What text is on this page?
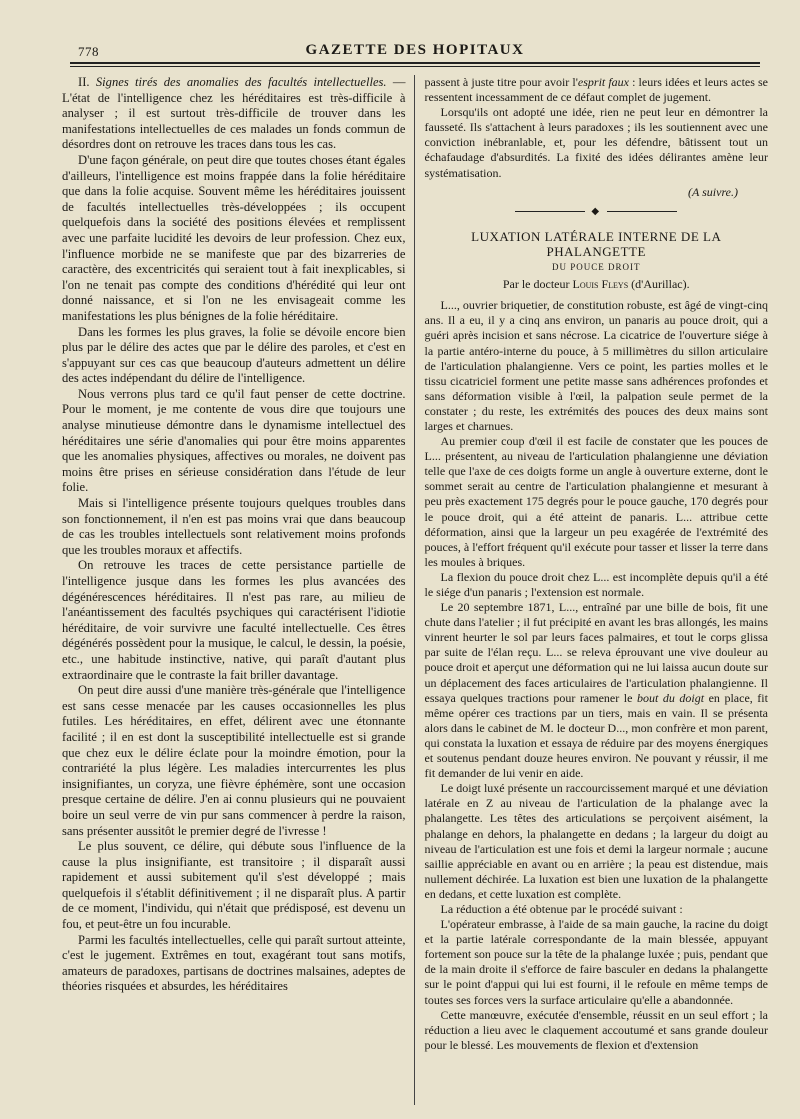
778	GAZETTE DES HOPITAUX

II. Signes tirés des anomalies des facultés intellectuelles. — L'état de l'intelligence chez les héréditaires est très-difficile à analyser ; il est surtout très-difficile de trouver dans les manifestations intellectuelles de ces malades un fonds commun de désordres dont on retrouve les traces dans tous les cas.

D'une façon générale, on peut dire que toutes choses étant égales d'ailleurs, l'intelligence est moins frappée dans la folie héréditaire que dans la folie acquise. Souvent même les héréditaires jouissent de facultés intellectuelles très-développées ; ils occupent quelquefois dans la société des positions élevées et remplissent avec une parfaite lucidité les devoirs de leur profession. Chez eux, l'influence morbide ne se manifeste que par des bizarreries de caractère, des excentricités qui seraient tout à fait inexplicables, si l'on ne tenait pas compte des conditions d'hérédité qui leur ont donné naissance, et si l'on ne les envisageait comme les manifestations les plus bénignes de la folie héréditaire.

Dans les formes les plus graves, la folie se dévoile encore bien plus par le délire des actes que par le délire des paroles, et c'est en s'appuyant sur ces cas que beaucoup d'auteurs admettent un délire des actes indépendant du délire de l'intelligence.

Nous verrons plus tard ce qu'il faut penser de cette doctrine. Pour le moment, je me contente de vous dire que toujours une analyse minutieuse démontre dans le dynamisme intellectuel des héréditaires une série d'anomalies qui pour être moins apparentes que les anomalies physiques, affectives ou morales, ne doivent pas moins être prises en sérieuse considération dans l'étude de leur folie.

Mais si l'intelligence présente toujours quelques troubles dans son fonctionnement, il n'en est pas moins vrai que dans beaucoup de cas les troubles intellectuels sont relativement moins profonds que les troubles moraux et affectifs.

On retrouve les traces de cette persistance partielle de l'intelligence jusque dans les formes les plus avancées des dégénérescences héréditaires. Il n'est pas rare, au milieu de l'anéantissement des facultés psychiques qui caractérisent l'idiotie héréditaire, de voir survivre une faculté intellectuelle. Ces êtres dégénérés possèdent pour la musique, le calcul, le dessin, la poésie, etc., une habitude instinctive, native, qui paraît d'autant plus extraordinaire que le contraste la fait briller davantage.

On peut dire aussi d'une manière très-générale que l'intelligence est sans cesse menacée par les causes occasionnelles les plus futiles. Les héréditaires, en effet, délirent avec une étonnante facilité ; il en est dont la susceptibilité intellectuelle est si grande que chez eux le délire éclate pour la moindre émotion, pour la contrariété la plus légère. Les maladies intercurrentes les plus insignifiantes, un coryza, une fièvre éphémère, sont une occasion presque certaine de délire. J'en ai connu plusieurs qui ne pouvaient boire un seul verre de vin pur sans commencer à perdre la raison, sans présenter aussitôt le premier degré de l'ivresse !

Le plus souvent, ce délire, qui débute sous l'influence de la cause la plus insignifiante, est transitoire ; il disparaît aussi rapidement et aussi subitement qu'il s'est développé ; mais quelquefois il s'établit définitivement ; il ne disparaît plus. A partir de ce moment, l'individu, qui n'était que prédisposé, est devenu un fou, et peut-être un fou incurable.

Parmi les facultés intellectuelles, celle qui paraît surtout atteinte, c'est le jugement. Extrêmes en tout, exagérant tout sans motifs, amateurs de paradoxes, partisans de doctrines malsaines, adeptes de théories risquées et absurdes, les héréditaires

passent à juste titre pour avoir l'esprit faux : leurs idées et leurs actes se ressentent incessamment de ce défaut complet de jugement.

Lorsqu'ils ont adopté une idée, rien ne peut leur en démontrer la fausseté. Ils s'attachent à leurs paradoxes ; ils les soutiennent avec une conviction inébranlable, et, pour les défendre, bâtissent tout un échafaudage d'absurdités. La fixité des idées délirantes amène leur systématisation.

(A suivre.)
◆
LUXATION LATÉRALE INTERNE DE LA PHALANGETTE
DU POUCE DROIT
Par le docteur Louis Fleys (d'Aurillac).

L..., ouvrier briquetier, de constitution robuste, est âgé de vingt-cinq ans. Il a eu, il y a cinq ans environ, un panaris au pouce droit, qui a guéri après incision et sans nécrose. La cicatrice de l'ouverture siége à la partie antéro-interne du pouce, à 5 millimètres du sillon articulaire de l'articulation phalangienne. Vers ce point, les parties molles et le tissu cicatriciel forment une petite masse sans adhérences profondes et sans déformation visible à l'œil, la palpation seule permet de la constater ; du reste, les extrémités des pouces des deux mains sont larges et charnues.

Au premier coup d'œil il est facile de constater que les pouces de L... présentent, au niveau de l'articulation phalangienne une déviation telle que l'axe de ces doigts forme un angle à ouverture externe, dont le sommet serait au centre de l'articulation phalangienne et mesurant à peu près exactement 175 degrés pour le pouce gauche, 170 degrés pour le pouce droit, qui a été atteint de panaris. L... attribue cette déformation, ainsi que la largeur un peu exagérée de l'extrémité des pouces, à l'effort fréquent qu'il exécute pour tasser et lisser la terre dans les moules à briques.

La flexion du pouce droit chez L... est incomplète depuis qu'il a été le siége d'un panaris ; l'extension est normale.

Le 20 septembre 1871, L..., entraîné par une bille de bois, fit une chute dans l'atelier ; il fut précipité en avant les bras allongés, les mains vinrent heurter le sol par leurs faces palmaires, et tout le corps glissa par suite de l'élan reçu. L... se releva éprouvant une vive douleur au pouce droit et aperçut une déformation qui ne lui laissa aucun doute sur un déplacement des faces articulaires de l'articulation phalangienne. Il essaya quelques tractions pour ramener le bout du doigt en place, fit même opérer ces tractions par un tiers, mais en vain. Il se présenta alors dans le cabinet de M. le docteur D..., mon confrère et mon parent, qui constata la luxation et essaya de réduire par des moyens énergiques et soutenus pendant douze heures environ. Ne pouvant y réussir, il me fit demander de lui venir en aide.

Le doigt luxé présente un raccourcissement marqué et une déviation latérale en Z au niveau de l'articulation de la phalange avec la phalangette. Les têtes des articulations se perçoivent aisément, la phalange en dehors, la phalangette en dedans ; la largeur du doigt au niveau de l'articulation est une fois et demi la largeur normale ; aucune saillie appréciable en avant ou en arrière ; la peau est distendue, mais nullement déchirée. La luxation est bien une luxation de la phalangette en dedans, et cette luxation est complète.

La réduction a été obtenue par le procédé suivant :

L'opérateur embrasse, à l'aide de sa main gauche, la racine du doigt et la partie latérale correspondante de la main blessée, appuyant fortement son pouce sur la tête de la phalange luxée ; puis, pendant que de la main droite il s'efforce de faire basculer en dedans la phalangette sur le point d'appui qui lui est fourni, il le refoule en même temps de toutes ses forces vers la surface articulaire qu'elle a abandonnée.

Cette manœuvre, exécutée d'ensemble, réussit en un seul effort ; la réduction a lieu avec le claquement accoutumé et sans grande douleur pour le blessé. Les mouvements de flexion et d'extension
